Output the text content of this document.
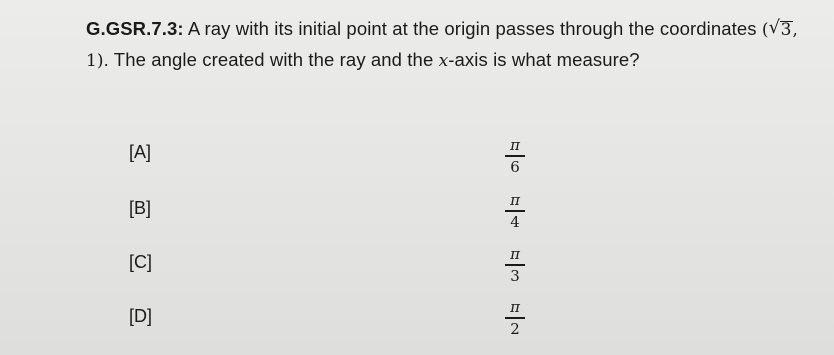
G.GSR.7.3: A ray with its initial point at the origin passes through the coordinates ( √ 3, 1). The angle created with the ray and the x-axis is what measure?
[A]	π
6
[B]	π
4
[C]	π
3
[D]	π
2
